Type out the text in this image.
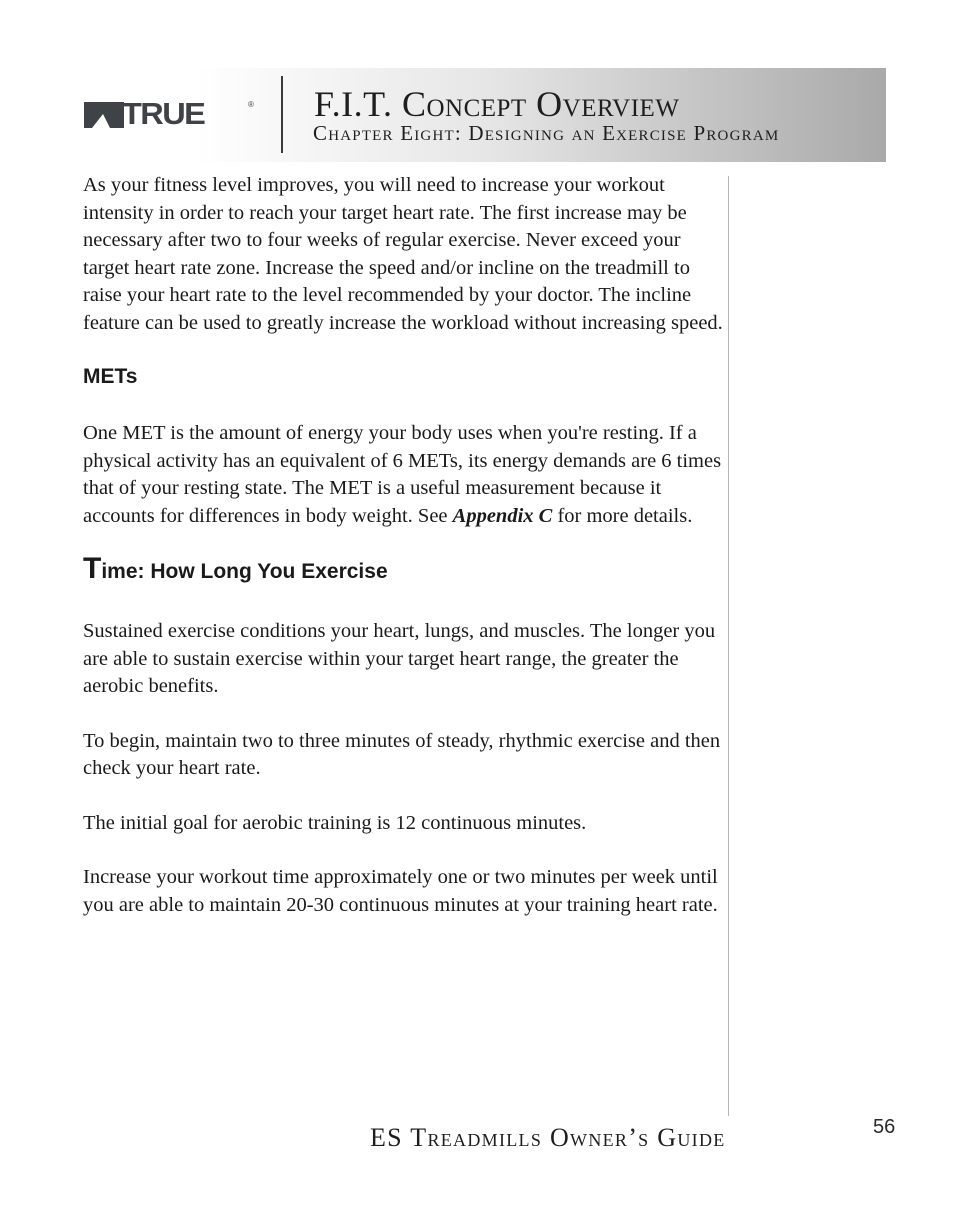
TRUE	® F.I.T. Concept Overview
Chapter Eight: Designing an Exercise Program

As your fitness level improves, you will need to increase your workout intensity in order to reach your target heart rate. The first increase may be necessary after two to four weeks of regular exercise. Never exceed your target heart rate zone. Increase the speed and/or incline on the treadmill to raise your heart rate to the level recommended by your doctor. The incline feature can be used to greatly increase the workload without increasing speed.

METs

One MET is the amount of energy your body uses when you're resting. If a physical activity has an equivalent of 6 METs, its energy demands are 6 times that of your resting state. The MET is a useful measurement because it accounts for differences in body weight. See Appendix C for more details.

Time: How Long You Exercise

Sustained exercise conditions your heart, lungs, and muscles. The longer you are able to sustain exercise within your target heart range, the greater the aerobic benefits.

To begin, maintain two to three minutes of steady, rhythmic exercise and then check your heart rate.

The initial goal for aerobic training is 12 continuous minutes.

Increase your workout time approximately one or two minutes per week until you are able to maintain 20-30 continuous minutes at your training heart rate.

ES Treadmills Owner’s Guide	56
